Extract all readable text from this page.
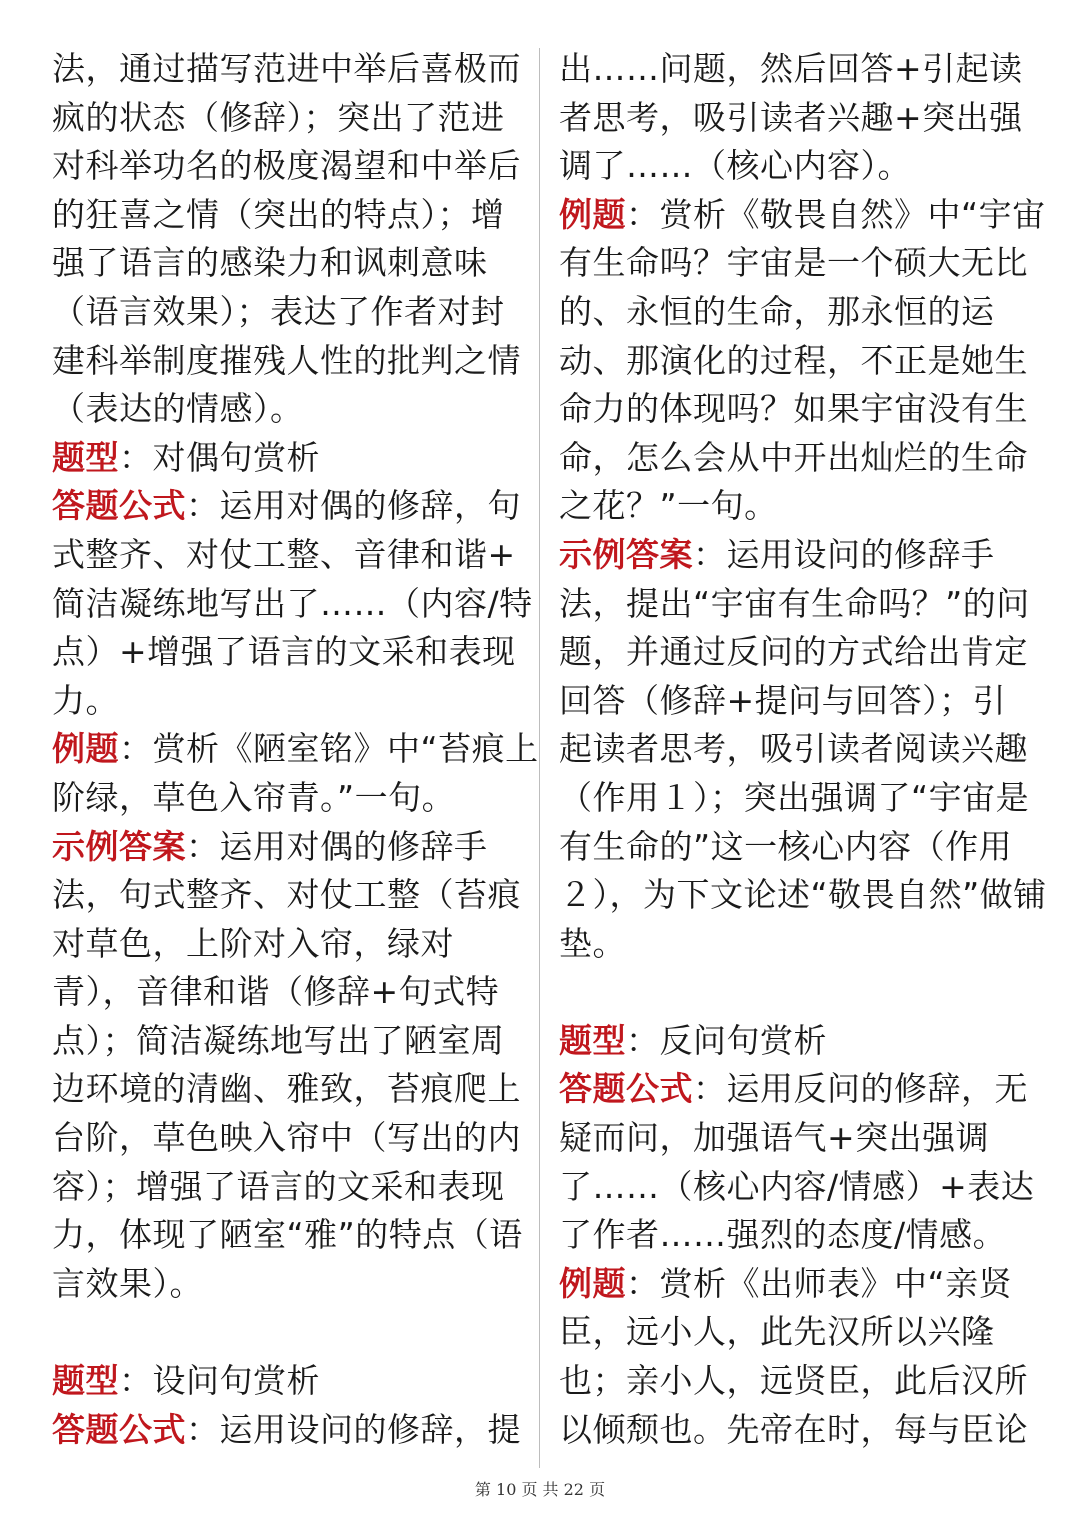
法，通过描写范进中举后喜极而
疯的状态（修辞）；突出了范进
对科举功名的极度渴望和中举后
的狂喜之情（突出的特点）；增
强了语言的感染力和讽刺意味
（语言效果）；表达了作者对封
建科举制度摧残人性的批判之情
（表达的情感）。
题型：对偶句赏析
答题公式：运用对偶的修辞，句
式整齐、对仗工整、音律和谐+
简洁凝练地写出了……（内容/特
点）+增强了语言的文采和表现
力。
例题：赏析《陋室铭》中“苔痕上
阶绿，草色入帘青。”一句。
示例答案：运用对偶的修辞手
法，句式整齐、对仗工整（苔痕
对草色，上阶对入帘，绿对
青），音律和谐（修辞+句式特
点）；简洁凝练地写出了陋室周
边环境的清幽、雅致，苔痕爬上
台阶，草色映入帘中（写出的内
容）；增强了语言的文采和表现
力，体现了陋室“雅”的特点（语
言效果）。
题型：设问句赏析
答题公式：运用设问的修辞，提
出……问题，然后回答+引起读
者思考，吸引读者兴趣+突出强
调了……（核心内容）。
例题：赏析《敬畏自然》中“宇宙
有生命吗？宇宙是一个硕大无比
的、永恒的生命，那永恒的运
动、那演化的过程，不正是她生
命力的体现吗？如果宇宙没有生
命，怎么会从中开出灿烂的生命
之花？”一句。
示例答案：运用设问的修辞手
法，提出“宇宙有生命吗？”的问
题，并通过反问的方式给出肯定
回答（修辞+提问与回答）；引
起读者思考，吸引读者阅读兴趣
（作用１）；突出强调了“宇宙是
有生命的”这一核心内容（作用
２），为下文论述“敬畏自然”做铺
垫。
题型：反问句赏析
答题公式：运用反问的修辞，无
疑而问，加强语气+突出强调
了……（核心内容/情感）+表达
了作者……强烈的态度/情感。
例题：赏析《出师表》中“亲贤
臣，远小人，此先汉所以兴隆
也；亲小人，远贤臣，此后汉所
以倾颓也。先帝在时，每与臣论
第 10 页 共 22 页
